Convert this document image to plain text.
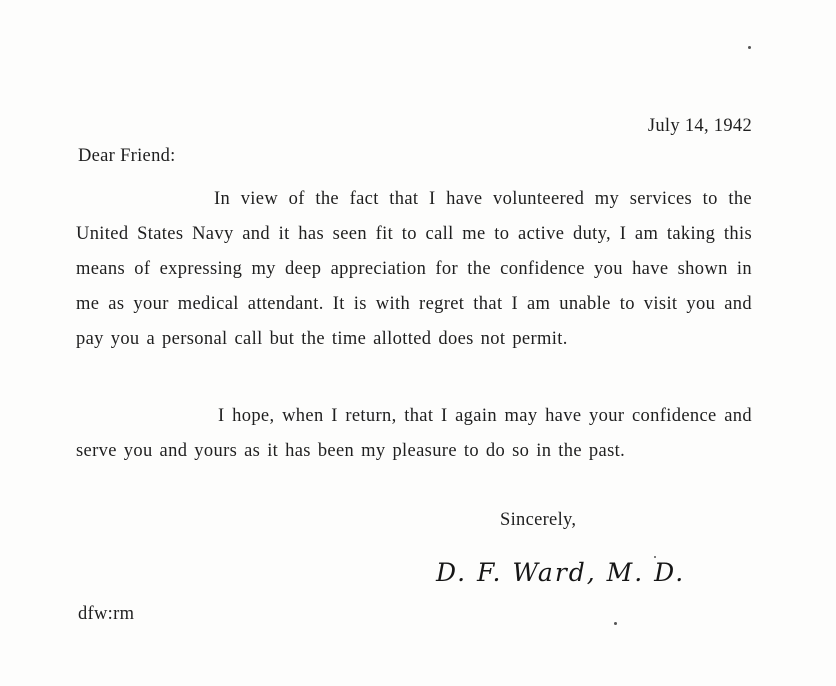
July 14, 1942
Dear Friend:

In view of the fact that I have volunteered my services to the United States Navy and it has seen fit to call me to active duty, I am taking this means of expressing my deep appreciation for the confidence you have shown in me as your medical attendant. It is with regret that I am unable to visit you and pay you a personal call but the time allotted does not permit.

I hope, when I return, that I again may have your confidence and serve you and yours as it has been my pleasure to do so in the past.

Sincerely,
D. F. Ward, M. D.
dfw:rm
